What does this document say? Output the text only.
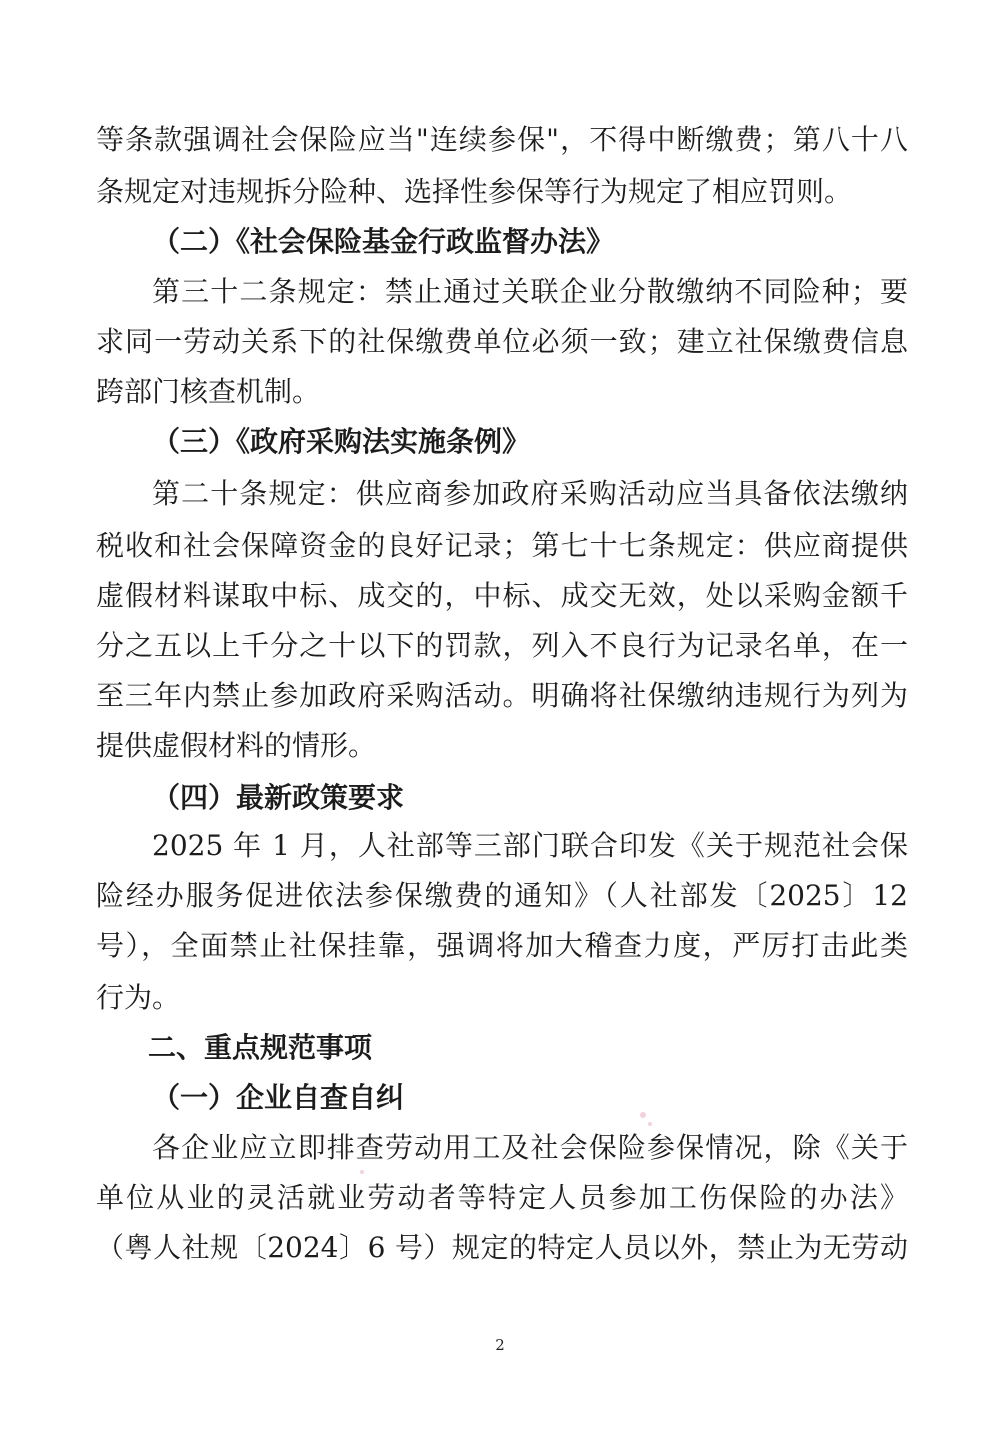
等条款强调社会保险应当"连续参保"，不得中断缴费；第八十八
条规定对违规拆分险种、选择性参保等行为规定了相应罚则。
（二）《社会保险基金行政监督办法》
第三十二条规定：禁止通过关联企业分散缴纳不同险种；要
求同一劳动关系下的社保缴费单位必须一致；建立社保缴费信息
跨部门核查机制。
（三）《政府采购法实施条例》
第二十条规定：供应商参加政府采购活动应当具备依法缴纳
税收和社会保障资金的良好记录；第七十七条规定：供应商提供
虚假材料谋取中标、成交的，中标、成交无效，处以采购金额千
分之五以上千分之十以下的罚款，列入不良行为记录名单，在一
至三年内禁止参加政府采购活动。明确将社保缴纳违规行为列为
提供虚假材料的情形。
（四）最新政策要求
2025 年 1 月，人社部等三部门联合印发《关于规范社会保
险经办服务促进依法参保缴费的通知》（人社部发〔2025〕12
号），全面禁止社保挂靠，强调将加大稽查力度，严厉打击此类
行为。
二、重点规范事项
（一）企业自查自纠
各企业应立即排查劳动用工及社会保险参保情况，除《关于
单位从业的灵活就业劳动者等特定人员参加工伤保险的办法》
（粤人社规〔2024〕6 号）规定的特定人员以外，禁止为无劳动
2
